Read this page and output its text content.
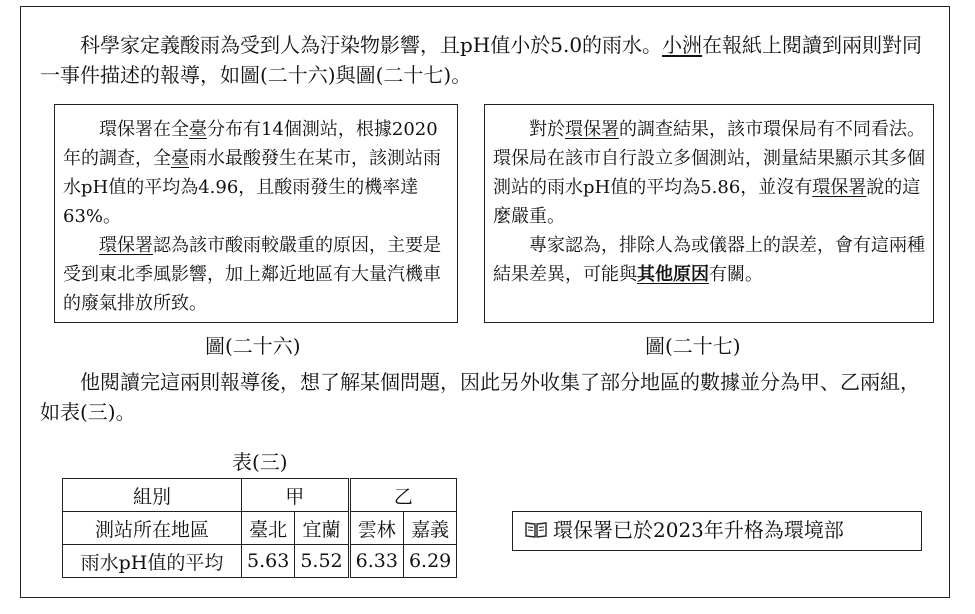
科學家定義酸雨為受到人為汙染物影響，且pH值小於5.0的雨水。小洲在報紙上閱讀到兩則對同一事件描述的報導，如圖(二十六)與圖(二十七)。

環保署在全臺分布有14個測站，根據2020年的調查，全臺雨水最酸發生在某市，該測站雨水pH值的平均為4.96，且酸雨發生的機率達63%。

環保署認為該市酸雨較嚴重的原因，主要是受到東北季風影響，加上鄰近地區有大量汽機車的廢氣排放所致。

對於環保署的調查結果，該市環保局有不同看法。環保局在該市自行設立多個測站，測量結果顯示其多個測站的雨水pH值的平均為5.86，並沒有環保署說的這麼嚴重。

專家認為，排除人為或儀器上的誤差，會有這兩種結果差異，可能與其他原因有關。

圖(二十六)	圖(二十七)

他閱讀完這兩則報導後，想了解某個問題，因此另外收集了部分地區的數據並分為甲、乙兩組，如表(三)。

表(三)
組別	甲		乙	
測站所在地區	臺北	宜蘭	雲林	嘉義
雨水pH值的平均	5.63	5.52	6.33	6.29
環保署已於2023年升格為環境部
